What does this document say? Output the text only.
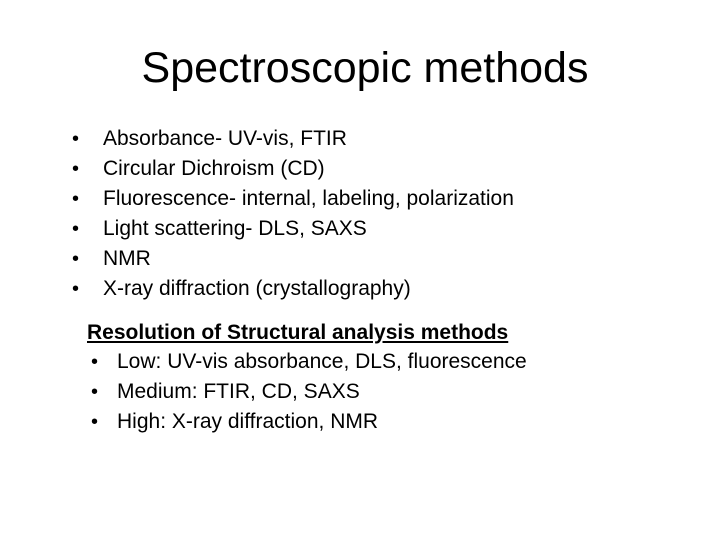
Spectroscopic methods
•	Absorbance- UV-vis, FTIR
•	Circular Dichroism (CD)
•	Fluorescence- internal, labeling, polarization
•	Light scattering- DLS, SAXS
•	NMR
•	X-ray diffraction (crystallography)
Resolution of Structural analysis methods
• Low: UV-vis absorbance, DLS, fluorescence
• Medium: FTIR, CD, SAXS
• High: X-ray diffraction, NMR
